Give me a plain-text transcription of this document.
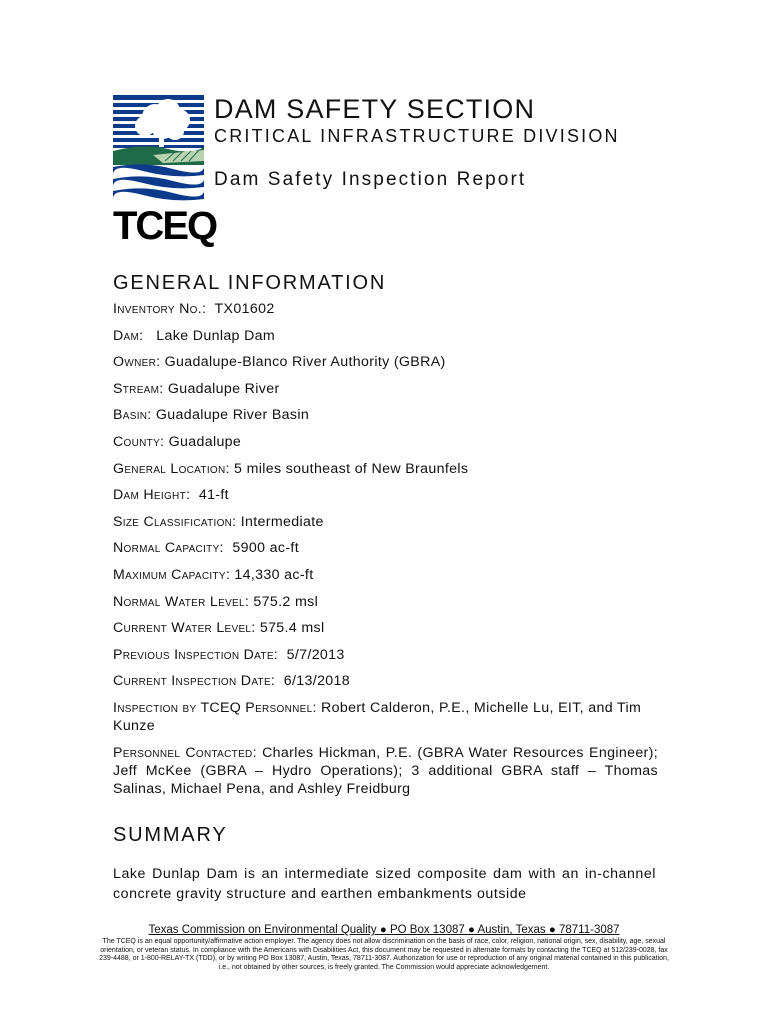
TCEQ
DAM SAFETY SECTION
CRITICAL INFRASTRUCTURE DIVISION
Dam Safety Inspection Report
GENERAL INFORMATION
Inventory No.: TX01602
Dam: Lake Dunlap Dam
Owner: Guadalupe-Blanco River Authority (GBRA)
Stream: Guadalupe River
Basin: Guadalupe River Basin
County: Guadalupe
General Location: 5 miles southeast of New Braunfels
Dam Height: 41-ft
Size Classification: Intermediate
Normal Capacity: 5900 ac-ft
Maximum Capacity: 14,330 ac-ft
Normal Water Level: 575.2 msl
Current Water Level: 575.4 msl
Previous Inspection Date: 5/7/2013
Current Inspection Date: 6/13/2018
Inspection by TCEQ Personnel: Robert Calderon, P.E., Michelle Lu, EIT, and Tim Kunze
Personnel Contacted: Charles Hickman, P.E. (GBRA Water Resources Engineer); Jeff McKee (GBRA – Hydro Operations); 3 additional GBRA staff – Thomas Salinas, Michael Pena, and Ashley Freidburg
SUMMARY
Lake Dunlap Dam is an intermediate sized composite dam with an in-channel concrete gravity structure and earthen embankments outside
Texas Commission on Environmental Quality ● PO Box 13087 ● Austin, Texas ● 78711-3087
The TCEQ is an equal opportunity/affirmative action employer. The agency does not allow discrimination on the basis of race, color, religion, national origin, sex, disability, age, sexual orientation, or veteran status. In compliance with the Americans with Disabilities Act, this document may be requested in alternate formats by contacting the TCEQ at 512/239-0028, fax 239-4488, or 1-800-RELAY-TX (TDD), or by writing PO Box 13087, Austin, Texas, 78711-3087. Authorization for use or reproduction of any original material contained in this publication, i.e., not obtained by other sources, is freely granted. The Commission would appreciate acknowledgement.
